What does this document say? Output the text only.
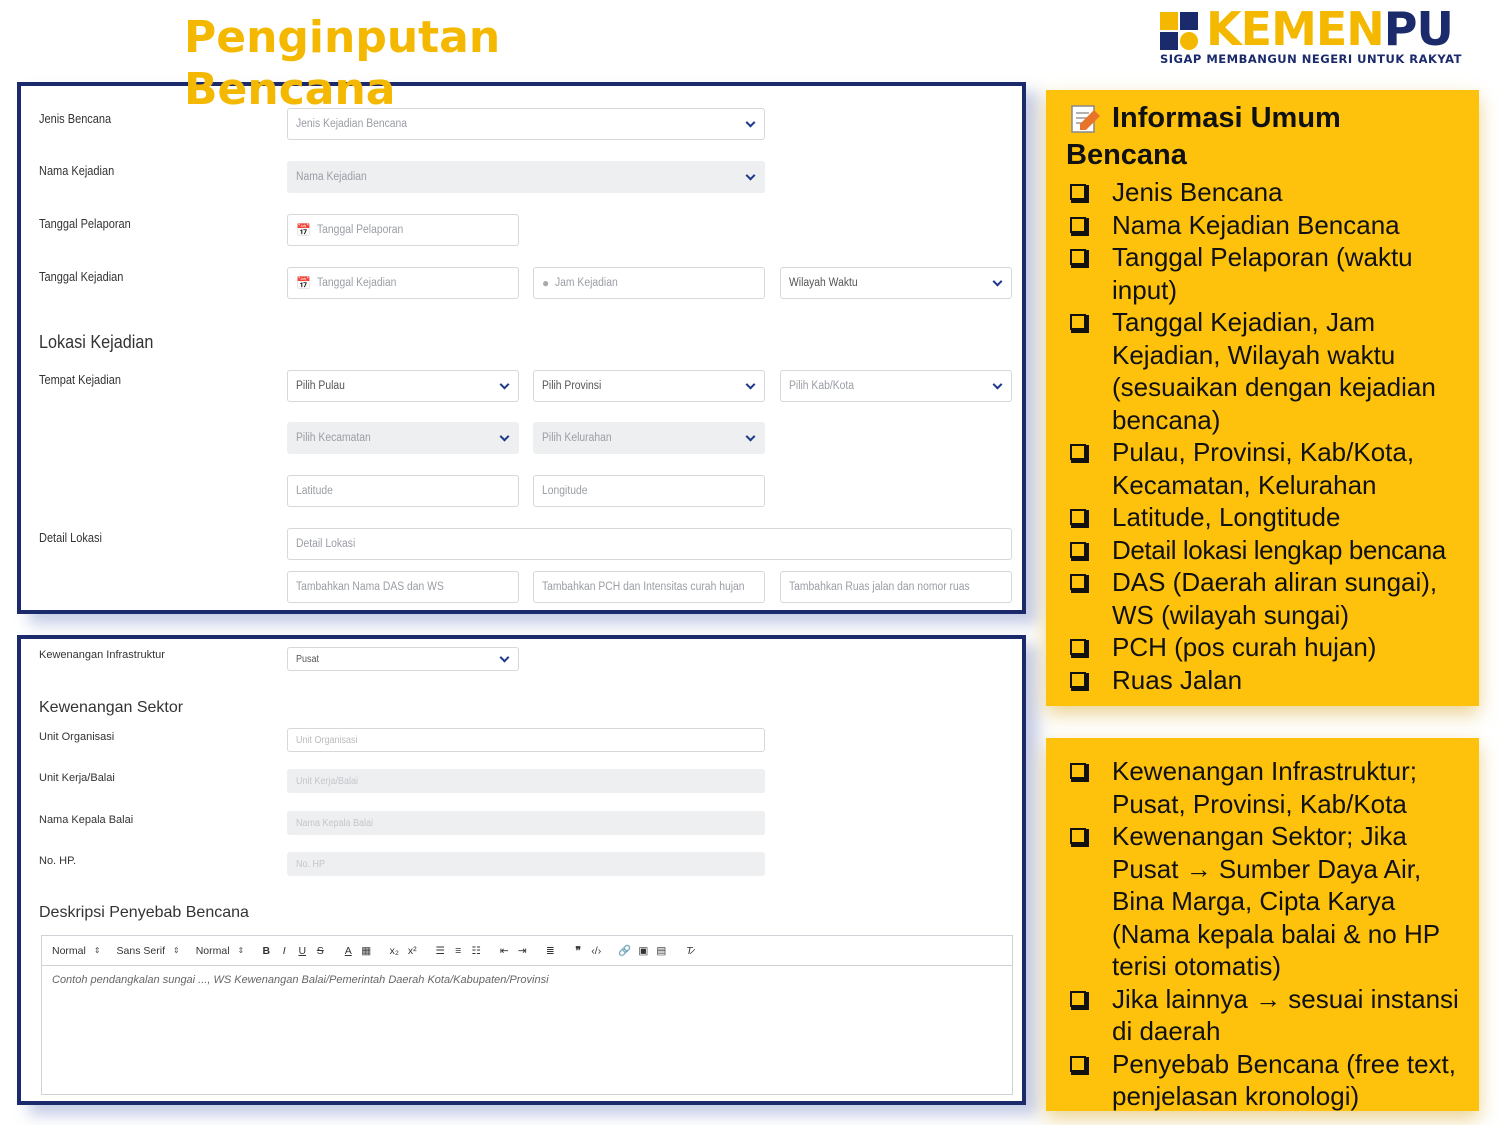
Penginputan Bencana
KEMENPU
SIGAP MEMBANGUN NEGERI UNTUK RAKYAT
Jenis Bencana	Jenis Kejadian Bencana
Nama Kejadian	Nama Kejadian
Tanggal Pelaporan	📅 Tanggal Pelaporan
Tanggal Kejadian	📅 Tanggal Kejadian	● Jam Kejadian	Wilayah Waktu
Lokasi Kejadian
Tempat Kejadian	Pilih Pulau	Pilih Provinsi	Pilih Kab/Kota
Pilih Kecamatan	Pilih Kelurahan
Latitude	Longitude
Detail Lokasi	Detail Lokasi
Tambahkan Nama DAS dan WS	Tambahkan PCH dan Intensitas curah hujan	Tambahkan Ruas jalan dan nomor ruas
Kewenangan Infrastruktur	Pusat
Kewenangan Sektor
Unit Organisasi	Unit Organisasi
Unit Kerja/Balai	Unit Kerja/Balai
Nama Kepala Balai	Nama Kepala Balai
No. HP.	No. HP
Deskripsi Penyebab Bencana
Normal ⇕ Sans Serif ⇕ Normal ⇕ B	I	U S A ▦ x₂ x² ☰ ≡ ☷ ⇤ ⇥ ≣	❞ ‹/› 🔗 ▣ ▤ T̷
Contoh pendangkalan sungai ..., WS Kewenangan Balai/Pemerintah Daerah Kota/Kabupaten/Provinsi
Informasi Umum Bencana
Jenis Bencana
Nama Kejadian Bencana
Tanggal Pelaporan (waktu input)
Tanggal Kejadian, Jam Kejadian, Wilayah waktu (sesuaikan dengan kejadian bencana)
Pulau, Provinsi, Kab/Kota, Kecamatan, Kelurahan
Latitude, Longtitude
Detail lokasi lengkap bencana
DAS (Daerah aliran sungai), WS (wilayah sungai)
PCH (pos curah hujan)
Ruas Jalan
Kewenangan Infrastruktur; Pusat, Provinsi, Kab/Kota
Kewenangan Sektor; Jika Pusat → Sumber Daya Air, Bina Marga, Cipta Karya (Nama kepala balai & no HP terisi otomatis)
Jika lainnya → sesuai instansi di daerah
Penyebab Bencana (free text, penjelasan kronologi)
